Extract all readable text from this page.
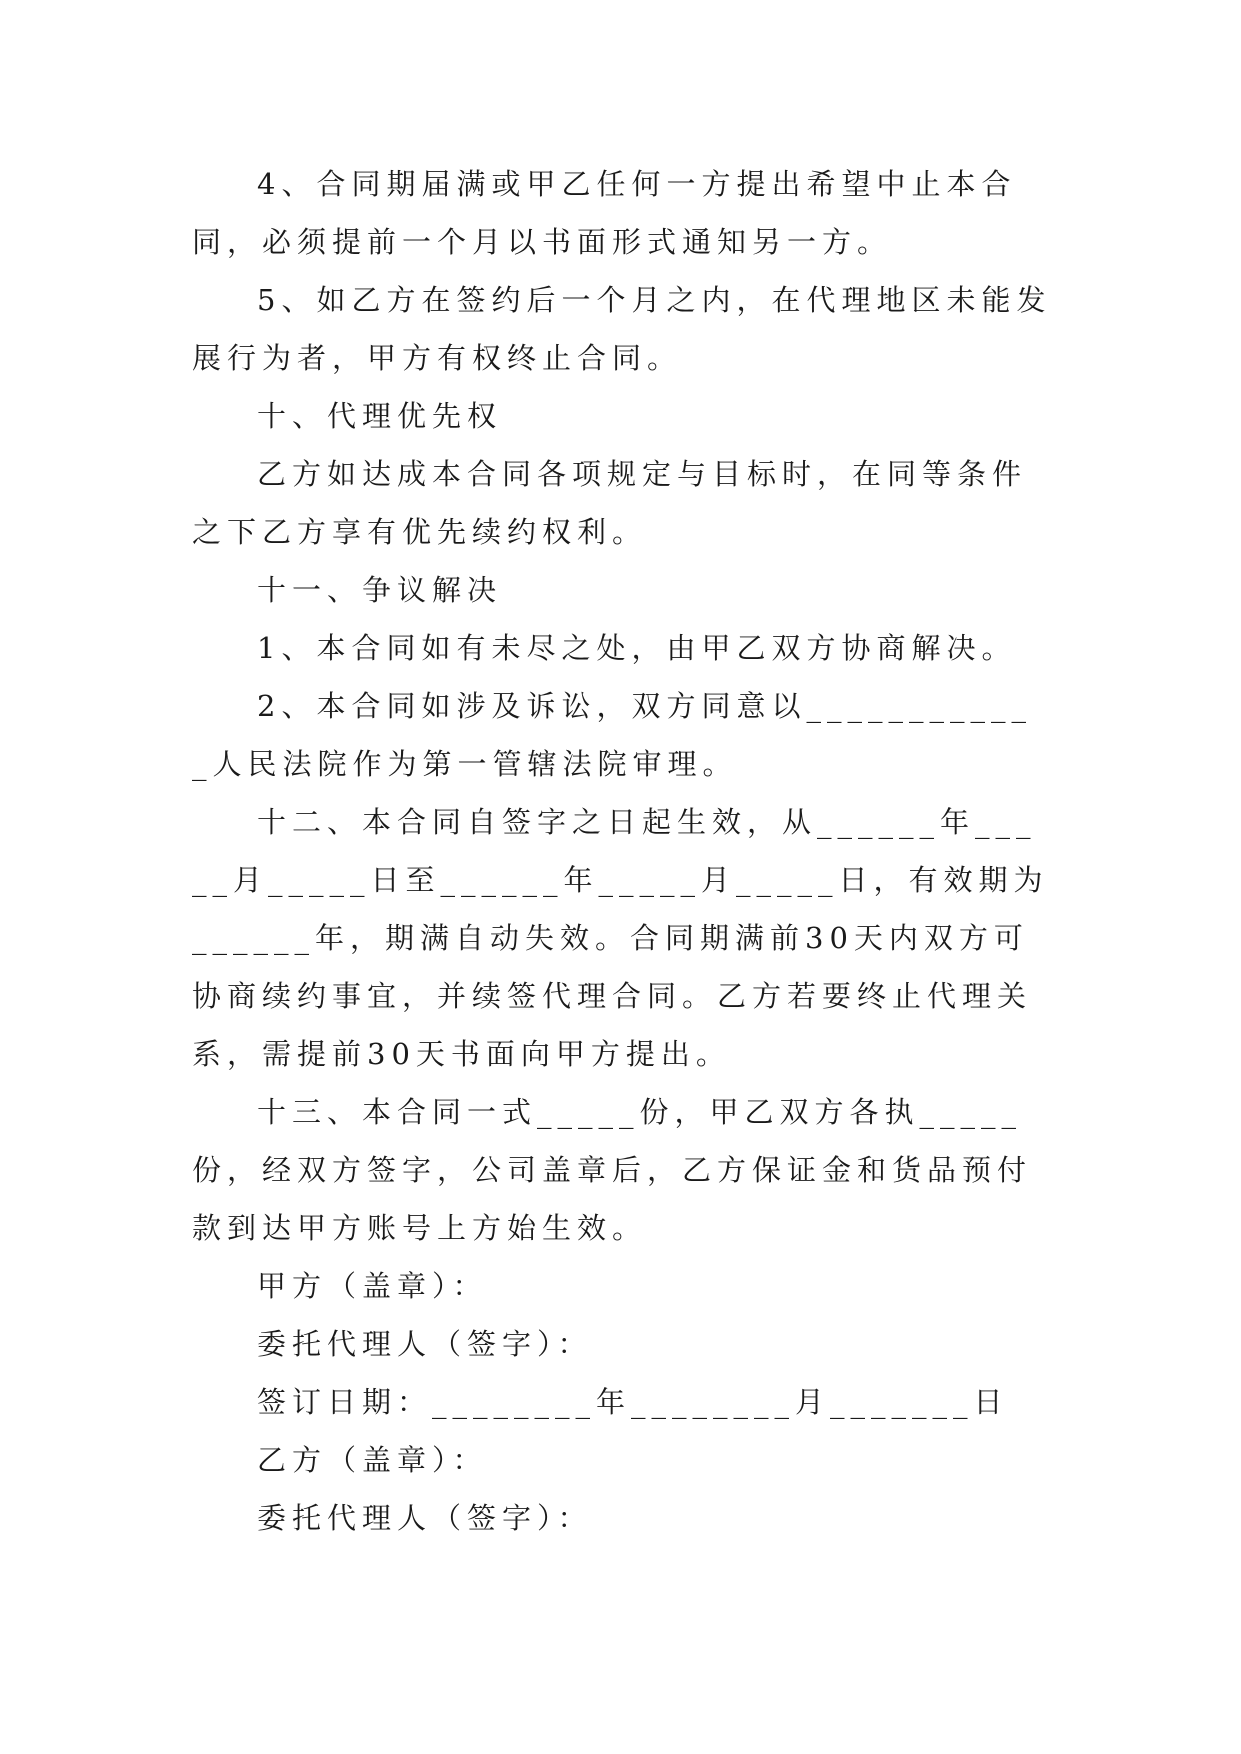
4、合同期届满或甲乙任何一方提出希望中止本合同，必须提前一个月以书面形式通知另一方。

5、如乙方在签约后一个月之内，在代理地区未能发展行为者，甲方有权终止合同。

十、代理优先权

乙方如达成本合同各项规定与目标时，在同等条件之下乙方享有优先续约权利。

十一、争议解决

1、本合同如有未尽之处，由甲乙双方协商解决。

2、本合同如涉及诉讼，双方同意以____________人民法院作为第一管辖法院审理。

十二、本合同自签字之日起生效，从______年_____月_____日至______年_____月_____日，有效期为______年，期满自动失效。合同期满前30天内双方可协商续约事宜，并续签代理合同。乙方若要终止代理关系，需提前30天书面向甲方提出。

十三、本合同一式_____份，甲乙双方各执_____份，经双方签字，公司盖章后，乙方保证金和货品预付款到达甲方账号上方始生效。

甲方（盖章）：

委托代理人（签字）：

签订日期：________年________月_______日

乙方（盖章）：

委托代理人（签字）：
